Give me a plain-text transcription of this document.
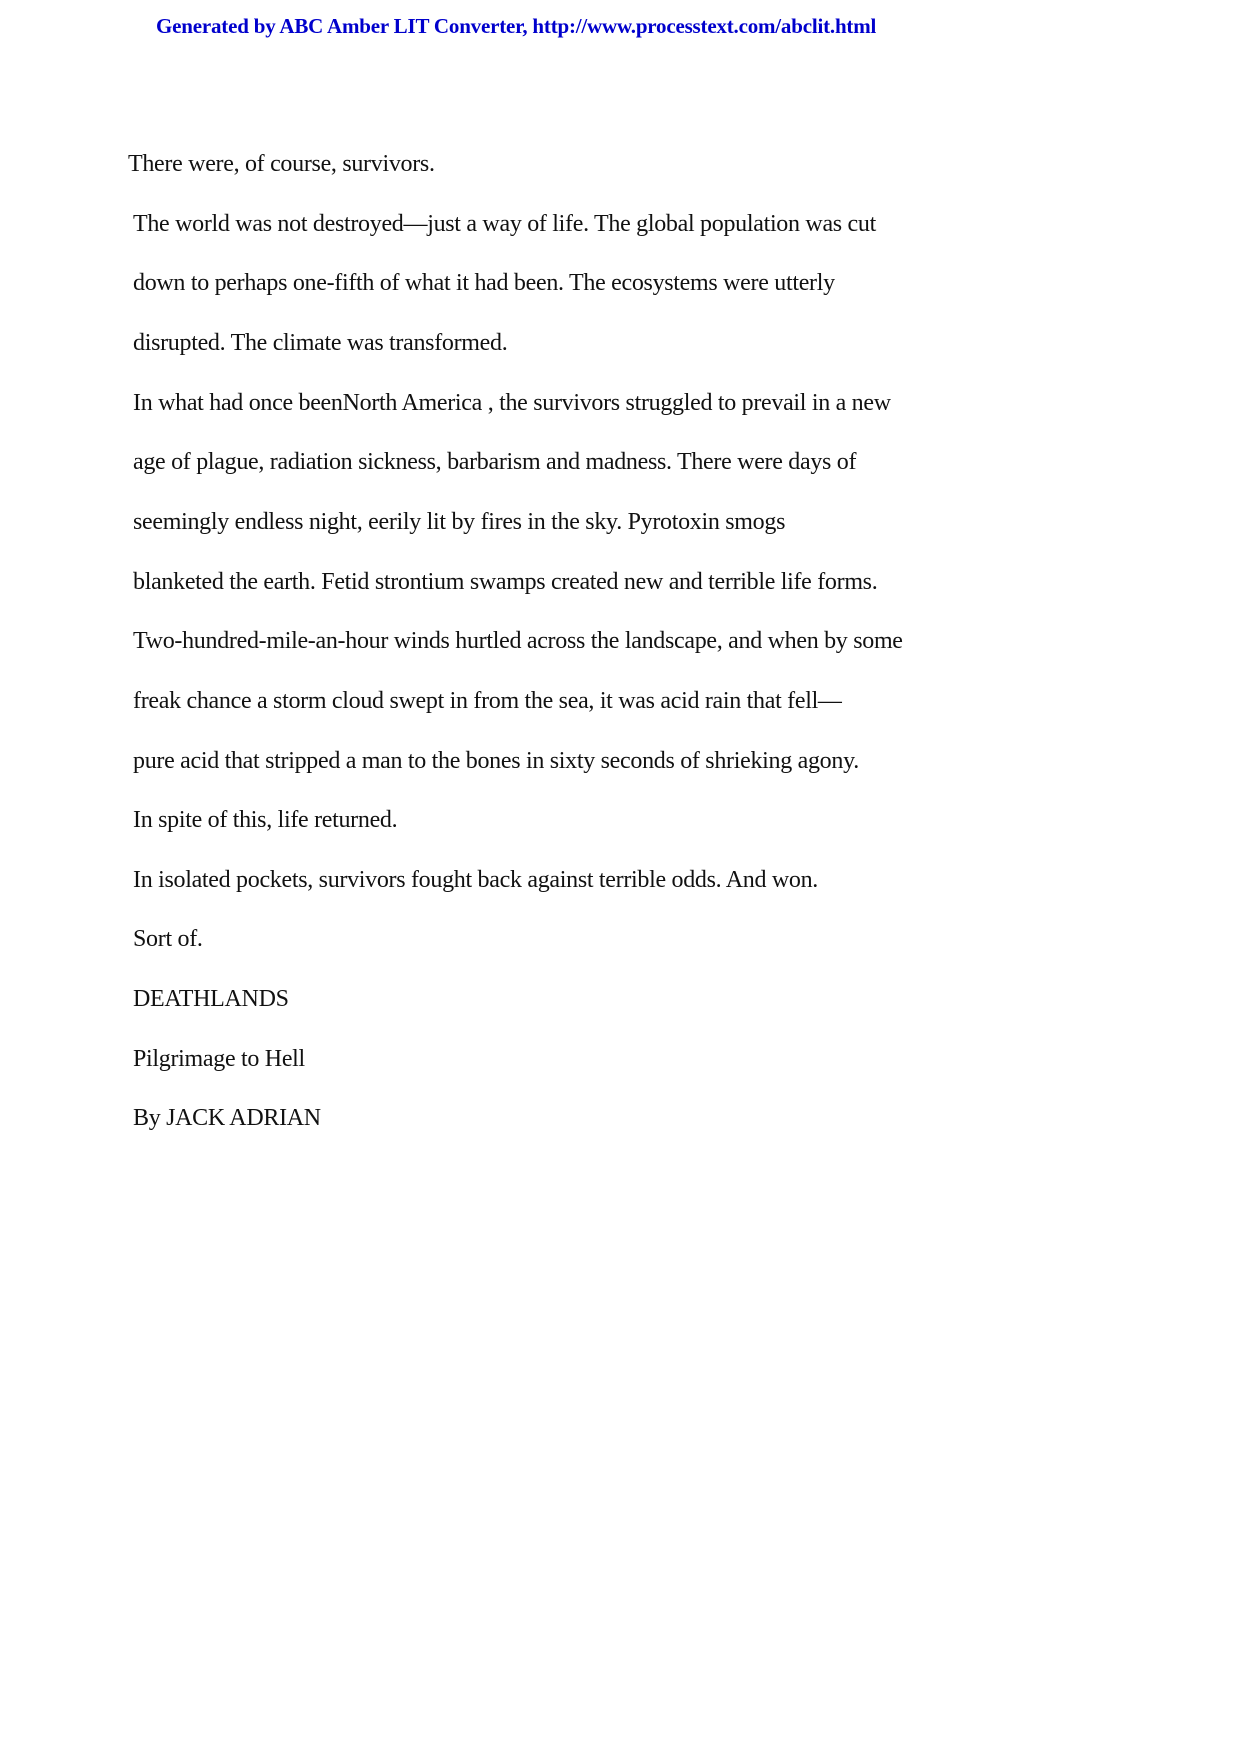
Generated by ABC Amber LIT Converter, http://www.processtext.com/abclit.html
There were, of course, survivors.
The world was not destroyed—just a way of life. The global population was cut
down to perhaps one-fifth of what it had been. The ecosystems were utterly
disrupted. The climate was transformed.
In what had once beenNorth America , the survivors struggled to prevail in a new
age of plague, radiation sickness, barbarism and madness. There were days of
seemingly endless night, eerily lit by fires in the sky. Pyrotoxin smogs
blanketed the earth. Fetid strontium swamps created new and terrible life forms.
Two-hundred-mile-an-hour winds hurtled across the landscape, and when by some
freak chance a storm cloud swept in from the sea, it was acid rain that fell—
pure acid that stripped a man to the bones in sixty seconds of shrieking agony.
In spite of this, life returned.
In isolated pockets, survivors fought back against terrible odds. And won.
Sort of.
DEATHLANDS
Pilgrimage to Hell
By JACK ADRIAN
